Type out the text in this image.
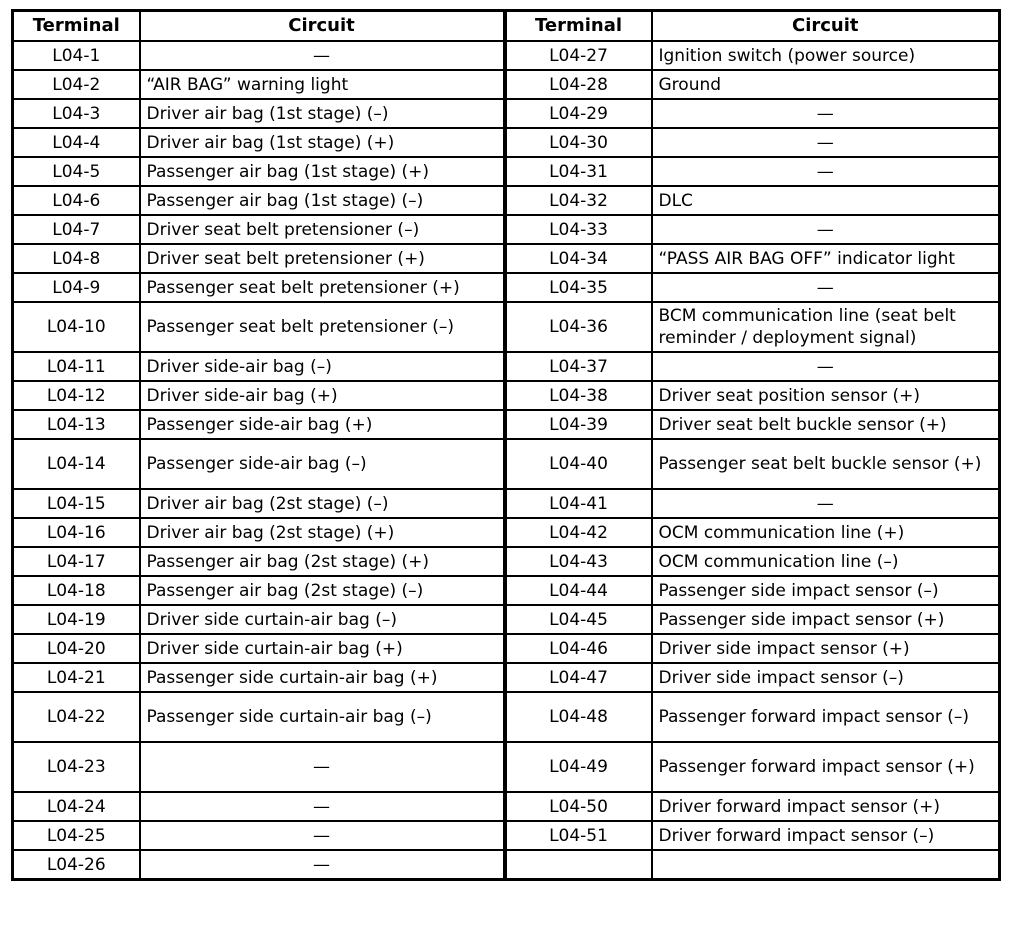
Terminal	Circuit	Terminal	Circuit
L04-1	—	L04-27	Ignition switch (power source)
L04-2	“AIR BAG” warning light	L04-28	Ground
L04-3	Driver air bag (1st stage) (–)	L04-29	—
L04-4	Driver air bag (1st stage) (+)	L04-30	—
L04-5	Passenger air bag (1st stage) (+)	L04-31	—
L04-6	Passenger air bag (1st stage) (–)	L04-32	DLC
L04-7	Driver seat belt pretensioner (–)	L04-33	—
L04-8	Driver seat belt pretensioner (+)	L04-34	“PASS AIR BAG OFF” indicator light
L04-9	Passenger seat belt pretensioner (+)	L04-35	—
L04-10	Passenger seat belt pretensioner (–)	L04-36	BCM communication line (seat belt reminder / deployment signal)
L04-11	Driver side-air bag (–)	L04-37	—
L04-12	Driver side-air bag (+)	L04-38	Driver seat position sensor (+)
L04-13	Passenger side-air bag (+)	L04-39	Driver seat belt buckle sensor (+)
L04-14	Passenger side-air bag (–)	L04-40	Passenger seat belt buckle sensor (+)
L04-15	Driver air bag (2st stage) (–)	L04-41	—
L04-16	Driver air bag (2st stage) (+)	L04-42	OCM communication line (+)
L04-17	Passenger air bag (2st stage) (+)	L04-43	OCM communication line (–)
L04-18	Passenger air bag (2st stage) (–)	L04-44	Passenger side impact sensor (–)
L04-19	Driver side curtain-air bag (–)	L04-45	Passenger side impact sensor (+)
L04-20	Driver side curtain-air bag (+)	L04-46	Driver side impact sensor (+)
L04-21	Passenger side curtain-air bag (+)	L04-47	Driver side impact sensor (–)
L04-22	Passenger side curtain-air bag (–)	L04-48	Passenger forward impact sensor (–)
L04-23	—	L04-49	Passenger forward impact sensor (+)
L04-24	—	L04-50	Driver forward impact sensor (+)
L04-25	—	L04-51	Driver forward impact sensor (–)
L04-26	—		
